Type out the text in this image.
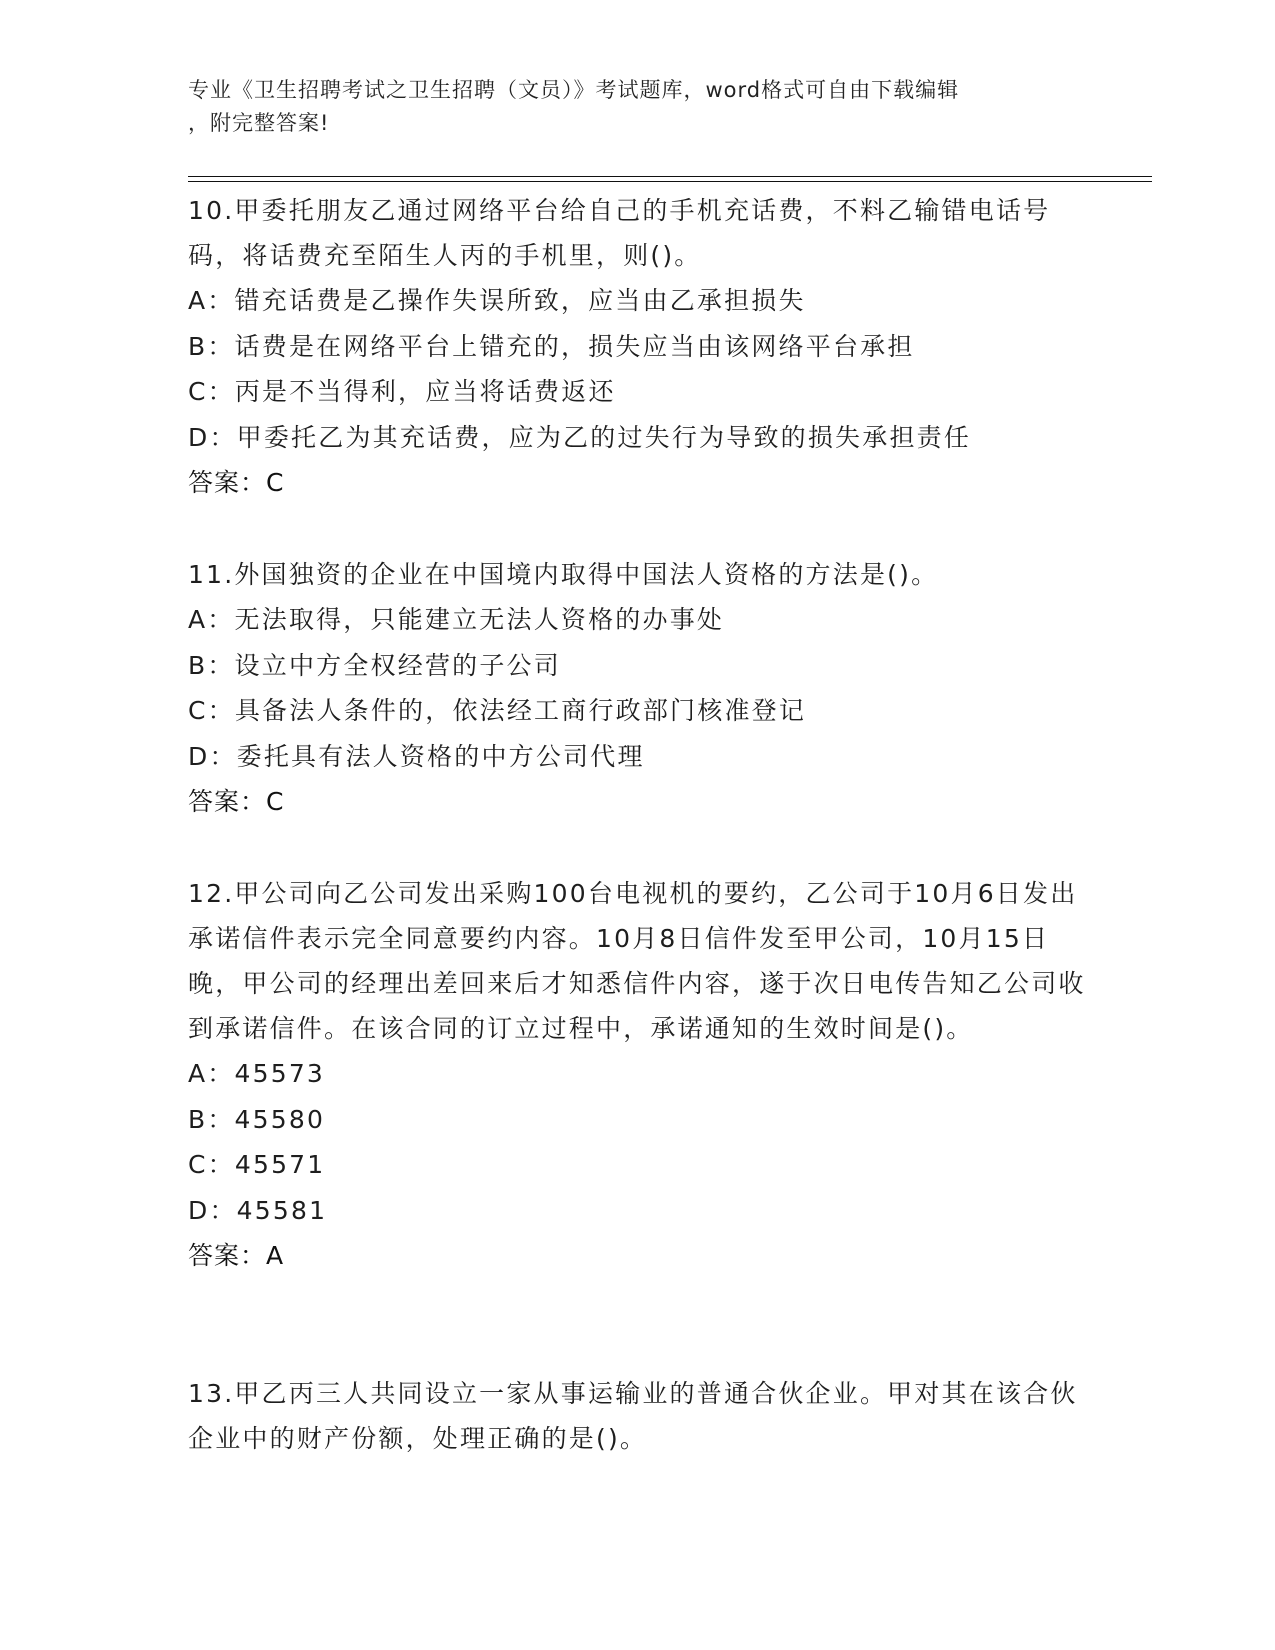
专业《卫生招聘考试之卫生招聘（文员）》考试题库，word格式可自由下载编辑
，附完整答案!

10.甲委托朋友乙通过网络平台给自己的手机充话费，不料乙输错电话号码，将话费充至陌生人丙的手机里，则()。

A：错充话费是乙操作失误所致，应当由乙承担损失

B：话费是在网络平台上错充的，损失应当由该网络平台承担

C：丙是不当得利，应当将话费返还

D：甲委托乙为其充话费，应为乙的过失行为导致的损失承担责任

答案：C

11.外国独资的企业在中国境内取得中国法人资格的方法是()。

A：无法取得，只能建立无法人资格的办事处

B：设立中方全权经营的子公司

C：具备法人条件的，依法经工商行政部门核准登记

D：委托具有法人资格的中方公司代理

答案：C

12.甲公司向乙公司发出采购100台电视机的要约，乙公司于10月6日发出承诺信件表示完全同意要约内容。10月8日信件发至甲公司，10月15日晚，甲公司的经理出差回来后才知悉信件内容，遂于次日电传告知乙公司收到承诺信件。在该合同的订立过程中，承诺通知的生效时间是()。

A：45573

B：45580

C：45571

D：45581

答案：A

13.甲乙丙三人共同设立一家从事运输业的普通合伙企业。甲对其在该合伙企业中的财产份额，处理正确的是()。
